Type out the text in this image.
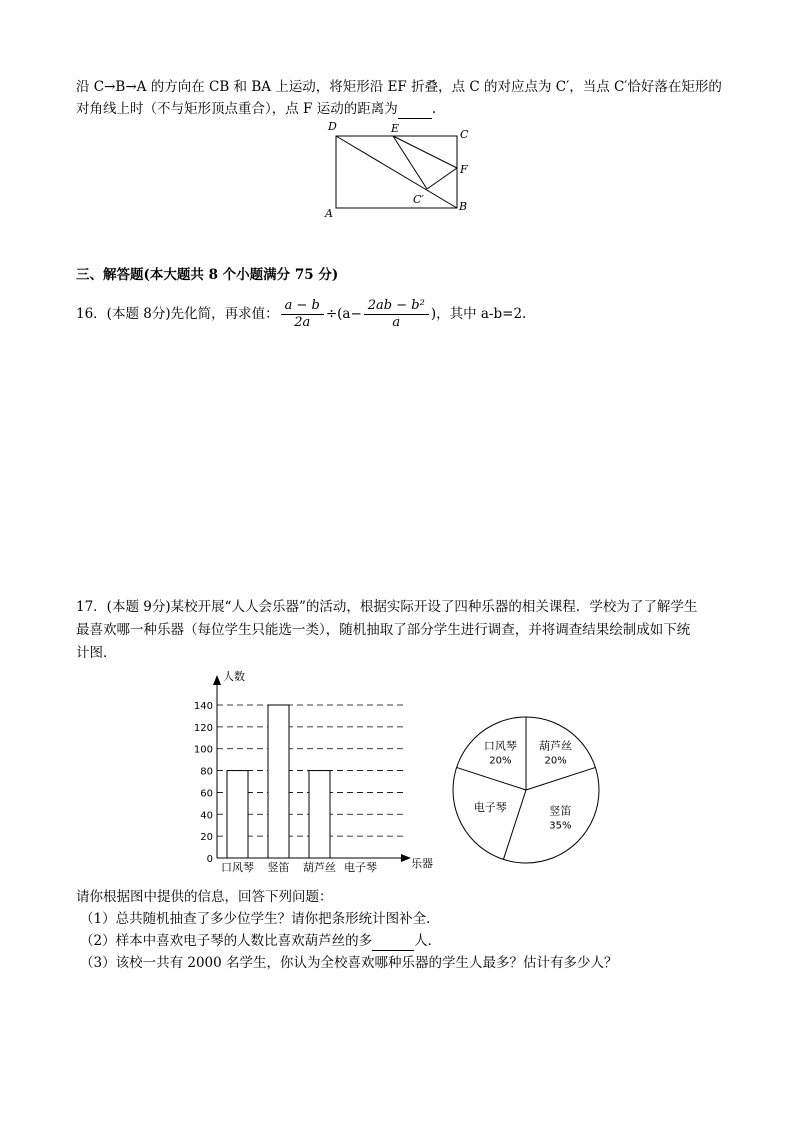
沿 C→B→A 的方向在 CB 和 BA 上运动，将矩形沿 EF 折叠，点 C 的对应点为 C′，当点 C′恰好落在矩形的
对角线上时（不与矩形顶点重合），点 F 运动的距离为	.
D	E	C
F
A
B
C′
三、解答题(本大题共 8 个小题满分 75 分)
16．(本题 8分)先化简，再求值： $\frac{a - b}{2a} \div(a- \frac{\text{2ab − b²}}{a}$ )，其中 a-b=2.
17．(本题 9分)某校开展“人人会乐器”的活动，根据实际开设了四种乐器的相关课程．学校为了了解学生
最喜欢哪一种乐器（每位学生只能选一类），随机抽取了部分学生进行调查，并将调查结果绘制成如下统
计图．
0
20
40
60
80
100
120
140
口风琴 竖笛 葫芦丝 电子琴
人数
乐器
葫芦丝
20%
竖笛
35%
电子琴
口风琴
20%
请你根据图中提供的信息，回答下列问题：
（1）总共随机抽查了多少位学生？请你把条形统计图补全．
（2）样本中喜欢电子琴的人数比喜欢葫芦丝的多	人．
（3）该校一共有 2000 名学生，你认为全校喜欢哪种乐器的学生人最多？估计有多少人？
